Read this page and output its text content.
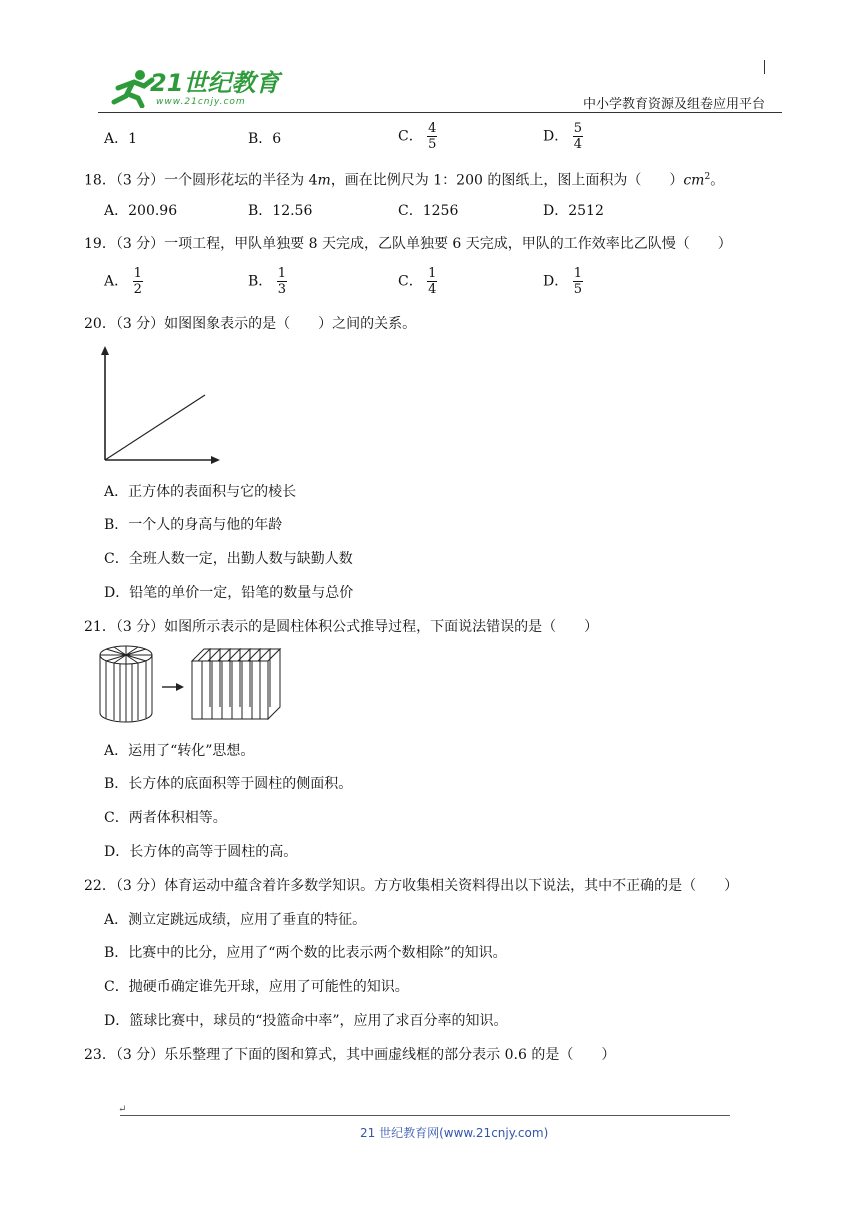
21世纪教育
www.21cnjy.com	中小学教育资源及组卷应用平台
A．1	B．6	C． $\frac{4}{5}$	D． $\frac{5}{4}$
18．（3 分）一个圆形花坛的半径为 4m，画在比例尺为 1：200 的图纸上，图上面积为（　　）$cm^2$。
A．200.96	B．12.56	C．1256	D．2512
19．（3 分）一项工程，甲队单独要 8 天完成，乙队单独要 6 天完成，甲队的工作效率比乙队慢（　　）
A． $\frac{1}{2}$	B． $\frac{1}{3}$	C． $\frac{1}{4}$	D． $\frac{1}{5}$
20．（3 分）如图图象表示的是（　　）之间的关系。
A．正方体的表面积与它的棱长
B．一个人的身高与他的年龄
C．全班人数一定，出勤人数与缺勤人数
D．铅笔的单价一定，铅笔的数量与总价
21．（3 分）如图所示表示的是圆柱体积公式推导过程，下面说法错误的是（　　）
A．运用了“转化”思想。
B．长方体的底面积等于圆柱的侧面积。
C．两者体积相等。
D．长方体的高等于圆柱的高。
22．（3 分）体育运动中蕴含着许多数学知识。方方收集相关资料得出以下说法，其中不正确的是（　　）
A．测立定跳远成绩，应用了垂直的特征。
B．比赛中的比分，应用了“两个数的比表示两个数相除”的知识。
C．抛硬币确定谁先开球，应用了可能性的知识。
D．篮球比赛中，球员的“投篮命中率”，应用了求百分率的知识。
23．（3 分）乐乐整理了下面的图和算式，其中画虚线框的部分表示 0.6 的是（　　）
↵
21 世纪教育网(www.21cnjy.com)
